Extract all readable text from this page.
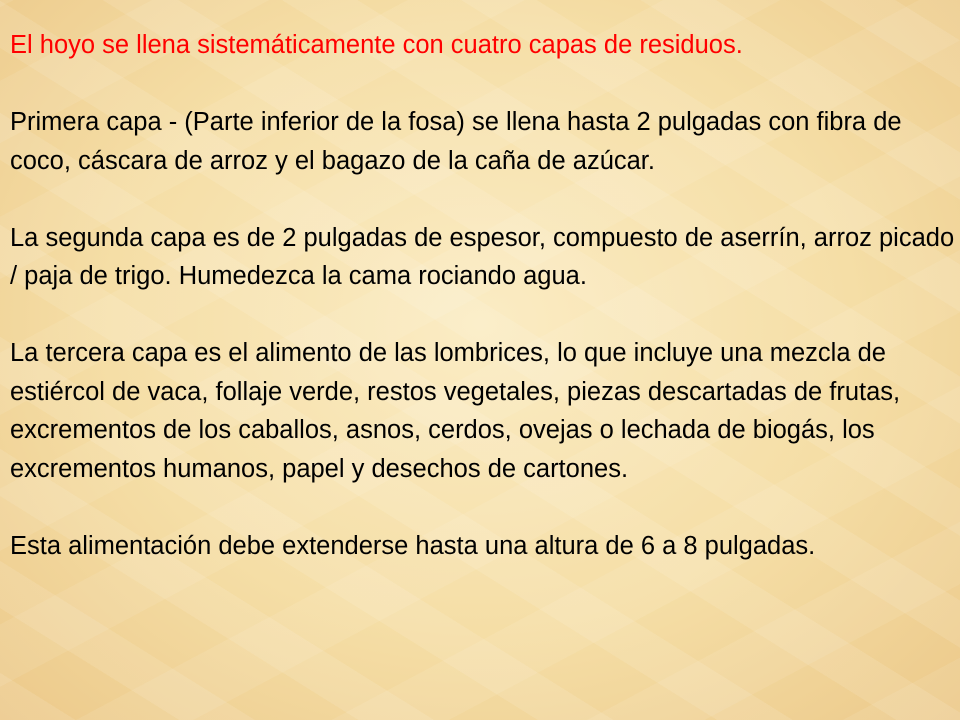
El hoyo se llena sistemáticamente con cuatro capas de residuos.

Primera capa - (Parte inferior de la fosa) se llena hasta 2 pulgadas con fibra de coco, cáscara de arroz y el bagazo de la caña de azúcar.

La segunda capa es de 2 pulgadas de espesor, compuesto de aserrín, arroz picado / paja de trigo. Humedezca la cama rociando agua.

La tercera capa es el alimento de las lombrices, lo que incluye una mezcla de estiércol de vaca, follaje verde, restos vegetales, piezas descartadas de frutas, excrementos de los caballos, asnos, cerdos, ovejas o lechada de biogás, los excrementos humanos, papel y desechos de cartones.

Esta alimentación debe extenderse hasta una altura de 6 a 8 pulgadas.
